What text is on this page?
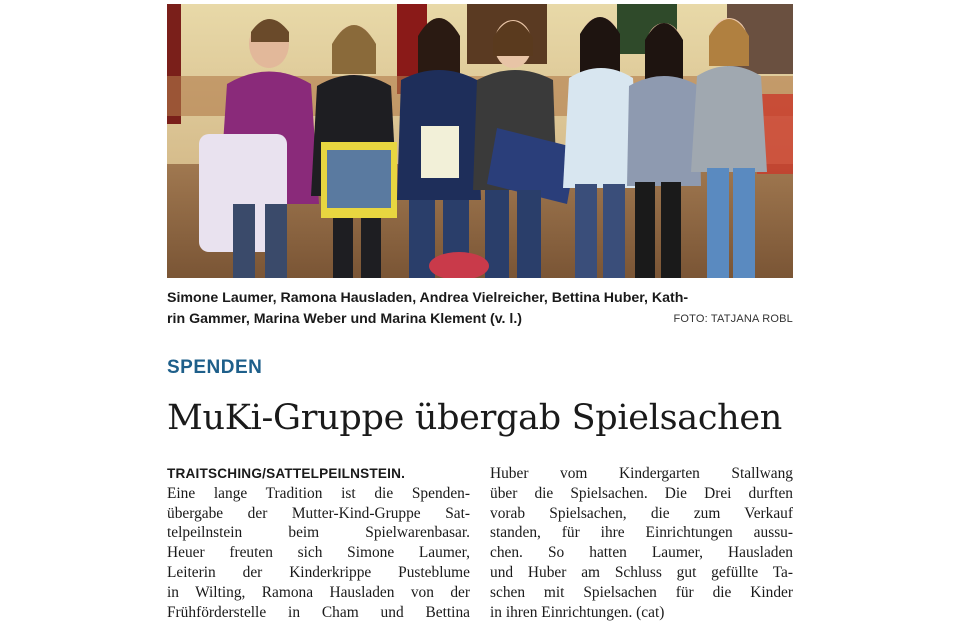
Simone Laumer, Ramona Hausladen, Andrea Vielreicher, Bettina Huber, Kath-
rin Gammer, Marina Weber und Marina Klement (v. l.)	FOTO: TATJANA ROBL
SPENDEN
MuKi-Gruppe übergab Spielsachen
TRAITSCHING/SATTELPEILNSTEIN.
Eine lange Tradition ist die Spenden-
übergabe der Mutter-Kind-Gruppe Sat-
telpeilnstein beim Spielwarenbasar.
Heuer freuten sich Simone Laumer,
Leiterin der Kinderkrippe Pusteblume
in Wilting, Ramona Hausladen von der
Frühförderstelle in Cham und Bettina
Huber vom Kindergarten Stallwang
über die Spielsachen. Die Drei durften
vorab Spielsachen, die zum Verkauf
standen, für ihre Einrichtungen aussu-
chen. So hatten Laumer, Hausladen
und Huber am Schluss gut gefüllte Ta-
schen mit Spielsachen für die Kinder
in ihren Einrichtungen. (cat)
